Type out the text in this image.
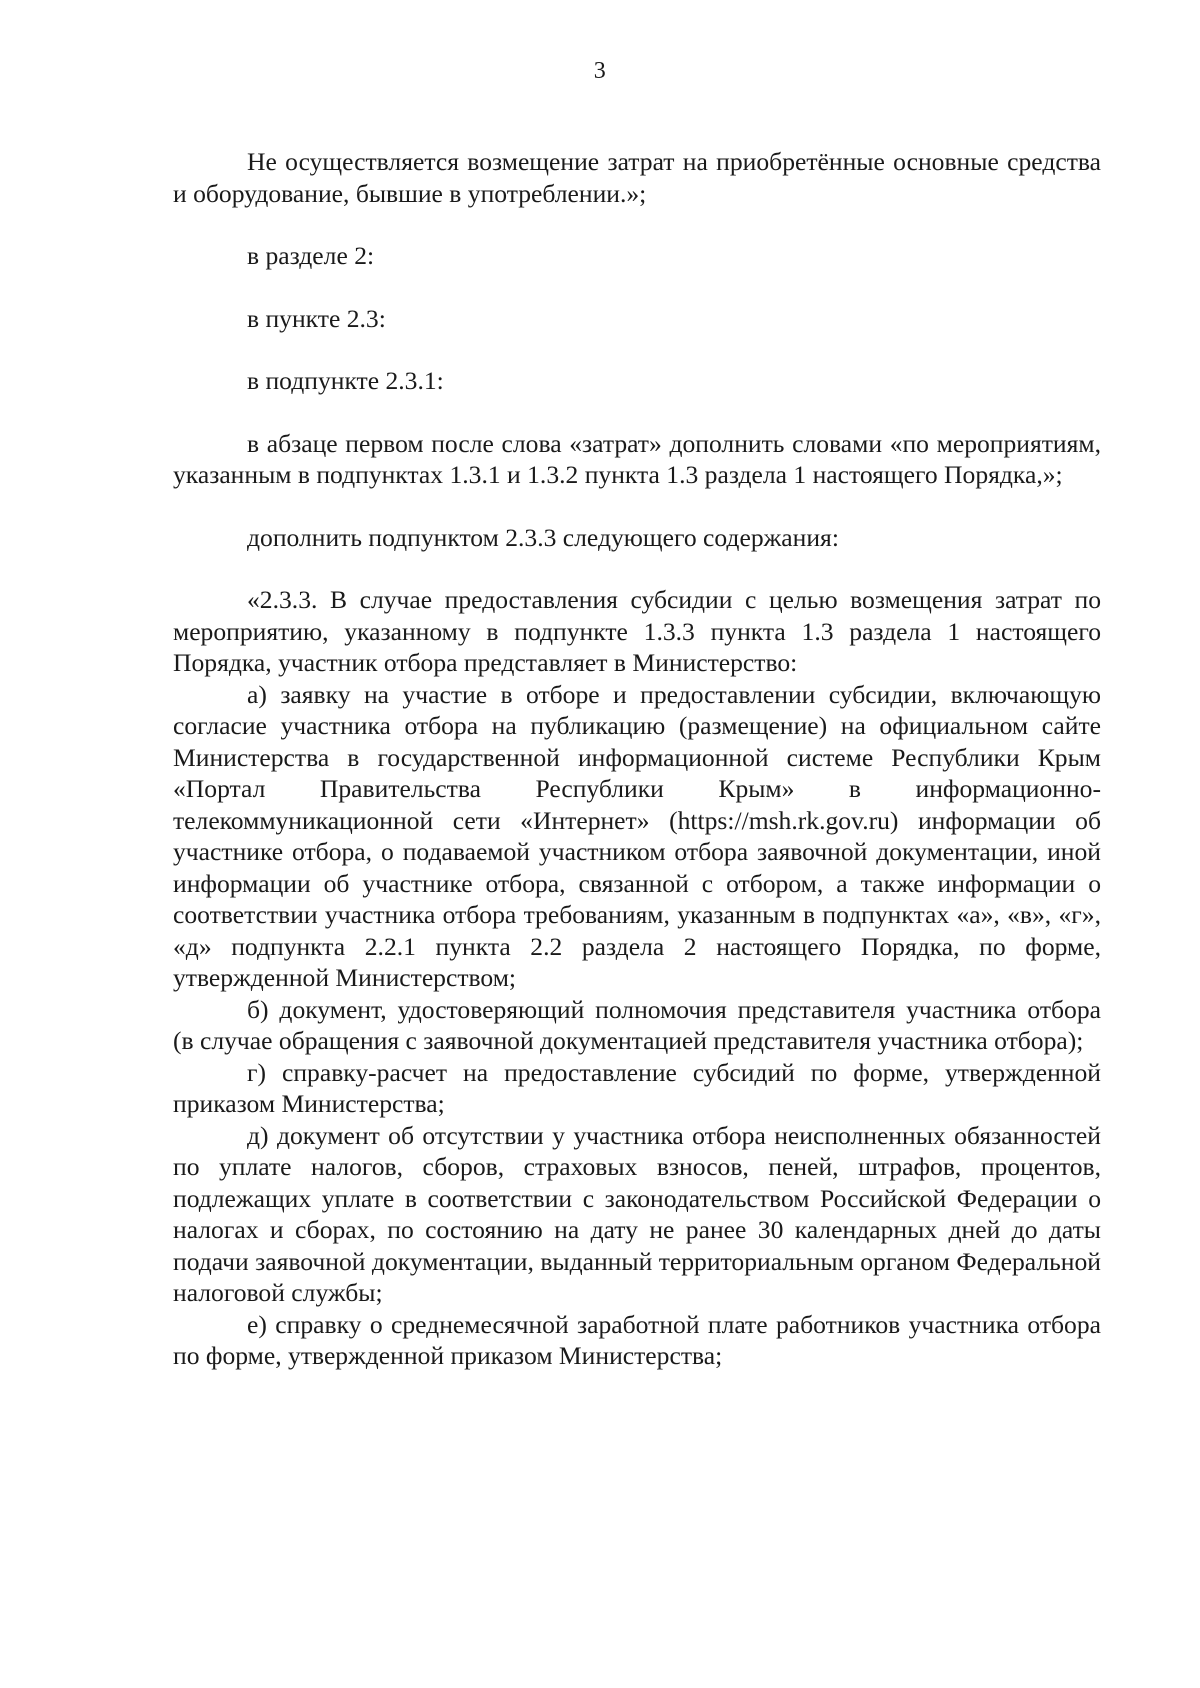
3

Не осуществляется возмещение затрат на приобретённые основные средства и оборудование, бывшие в употреблении.»;

в разделе 2:

в пункте 2.3:

в подпункте 2.3.1:

в абзаце первом после слова «затрат» дополнить словами «по мероприятиям, указанным в подпунктах 1.3.1 и 1.3.2 пункта 1.3 раздела 1 настоящего Порядка,»;

дополнить подпунктом 2.3.3 следующего содержания:

«2.3.3. В случае предоставления субсидии с целью возмещения затрат по мероприятию, указанному в подпункте 1.3.3 пункта 1.3 раздела 1 настоящего Порядка, участник отбора представляет в Министерство:

а) заявку на участие в отборе и предоставлении субсидии, включающую согласие участника отбора на публикацию (размещение) на официальном сайте Министерства в государственной информационной системе Республики Крым «Портал Правительства Республики Крым» в информационно-телекоммуникационной сети «Интернет» (https://msh.rk.gov.ru) информации об участнике отбора, о подаваемой участником отбора заявочной документации, иной информации об участнике отбора, связанной с отбором, а также информации о соответствии участника отбора требованиям, указанным в подпунктах «а», «в», «г», «д» подпункта 2.2.1 пункта 2.2 раздела 2 настоящего Порядка, по форме, утвержденной Министерством;

б) документ, удостоверяющий полномочия представителя участника отбора (в случае обращения с заявочной документацией представителя участника отбора);

г) справку-расчет на предоставление субсидий по форме, утвержденной приказом Министерства;

д) документ об отсутствии у участника отбора неисполненных обязанностей по уплате налогов, сборов, страховых взносов, пеней, штрафов, процентов, подлежащих уплате в соответствии с законодательством Российской Федерации о налогах и сборах, по состоянию на дату не ранее 30 календарных дней до даты подачи заявочной документации, выданный территориальным органом Федеральной налоговой службы;

е) справку о среднемесячной заработной плате работников участника отбора по форме, утвержденной приказом Министерства;
